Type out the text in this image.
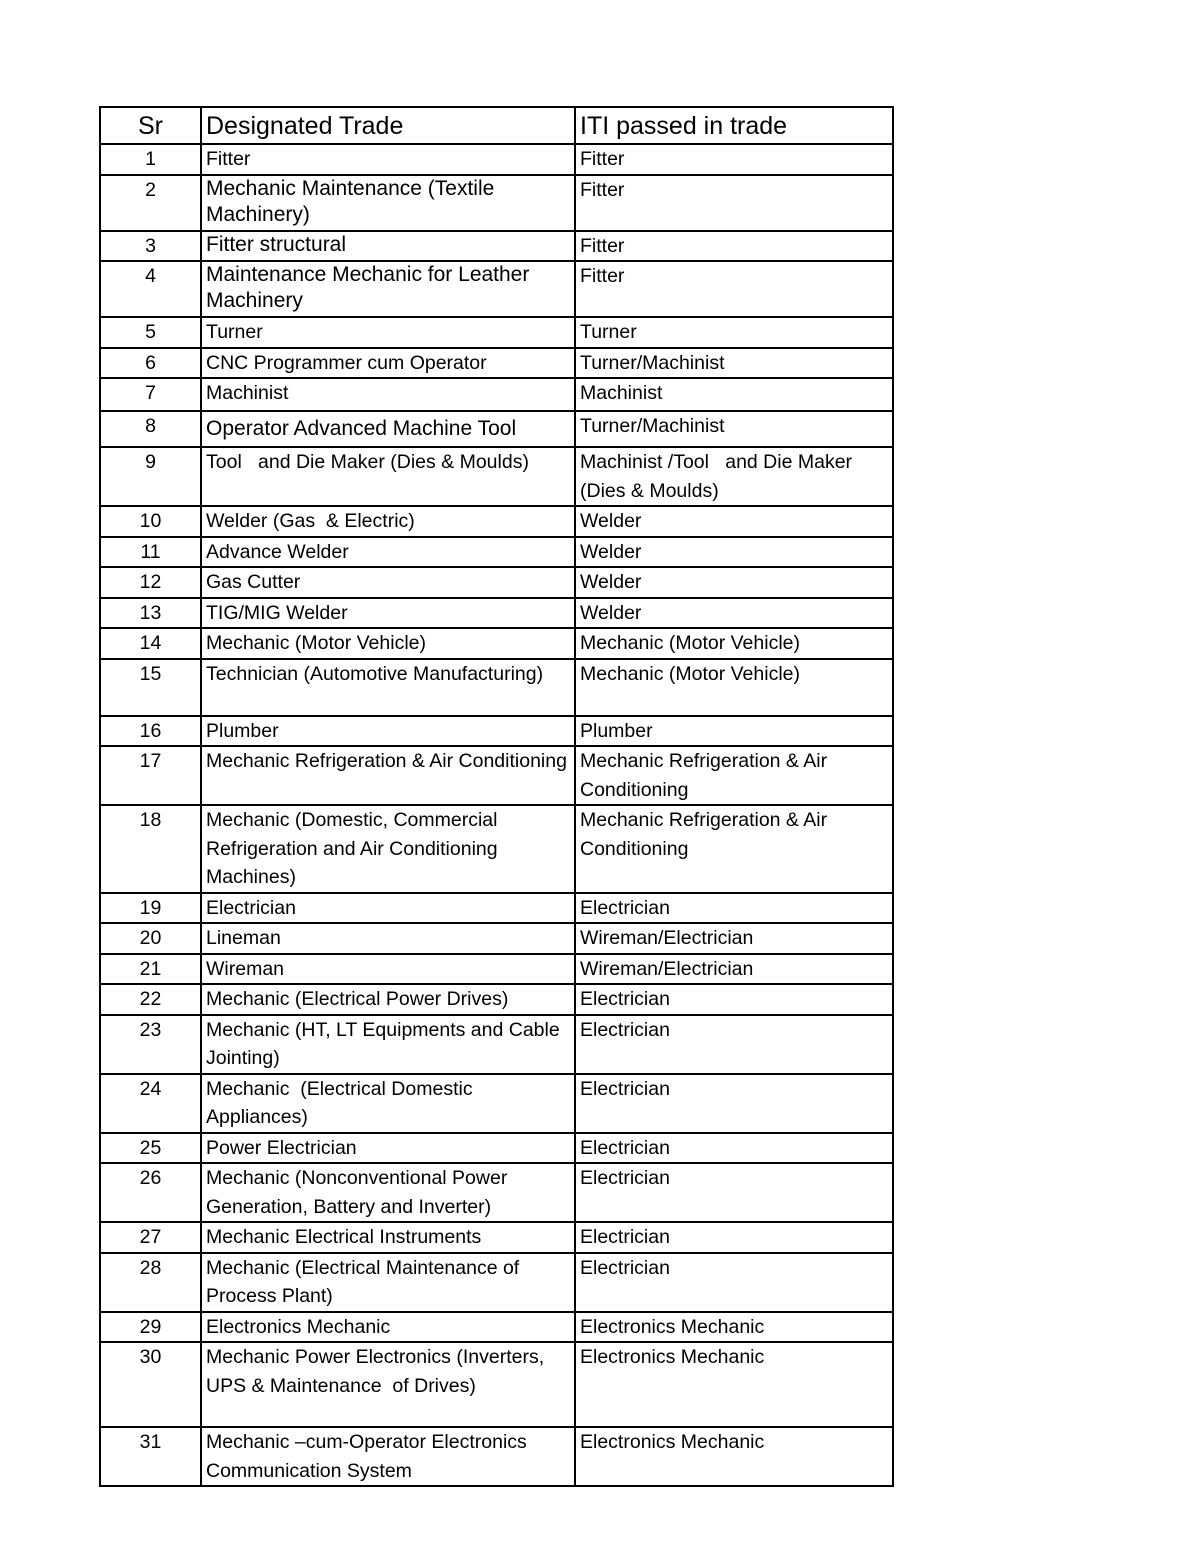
Sr	Designated Trade	ITI passed in trade
1	Fitter	Fitter
2	Mechanic Maintenance (Textile Machinery)	Fitter
3	Fitter structural	Fitter
4	Maintenance Mechanic for Leather Machinery	Fitter
5	Turner	Turner
6	CNC Programmer cum Operator	Turner/Machinist
7	Machinist	Machinist
8	Operator Advanced Machine Tool	Turner/Machinist
9	Tool   and Die Maker (Dies & Moulds)	Machinist /Tool   and Die Maker (Dies & Moulds)
10	Welder (Gas  & Electric)	Welder
11	Advance Welder	Welder
12	Gas Cutter	Welder
13	TIG/MIG Welder	Welder
14	Mechanic (Motor Vehicle)	Mechanic (Motor Vehicle)
15	Technician (Automotive Manufacturing)	Mechanic (Motor Vehicle)
16	Plumber	Plumber
17	Mechanic Refrigeration & Air Conditioning	Mechanic Refrigeration & Air Conditioning
18	Mechanic (Domestic, Commercial Refrigeration and Air Conditioning Machines)	Mechanic Refrigeration & Air Conditioning
19	Electrician	Electrician
20	Lineman	Wireman/Electrician
21	Wireman	Wireman/Electrician
22	Mechanic (Electrical Power Drives)	Electrician
23	Mechanic (HT, LT Equipments and Cable Jointing)	Electrician
24	Mechanic  (Electrical Domestic Appliances)	Electrician
25	Power Electrician	Electrician
26	Mechanic (Nonconventional Power Generation, Battery and Inverter)	Electrician
27	Mechanic Electrical Instruments	Electrician
28	Mechanic (Electrical Maintenance of Process Plant)	Electrician
29	Electronics Mechanic	Electronics Mechanic
30	Mechanic Power Electronics (Inverters, UPS & Maintenance  of Drives)	Electronics Mechanic
31	Mechanic –cum-Operator Electronics Communication System	Electronics Mechanic
